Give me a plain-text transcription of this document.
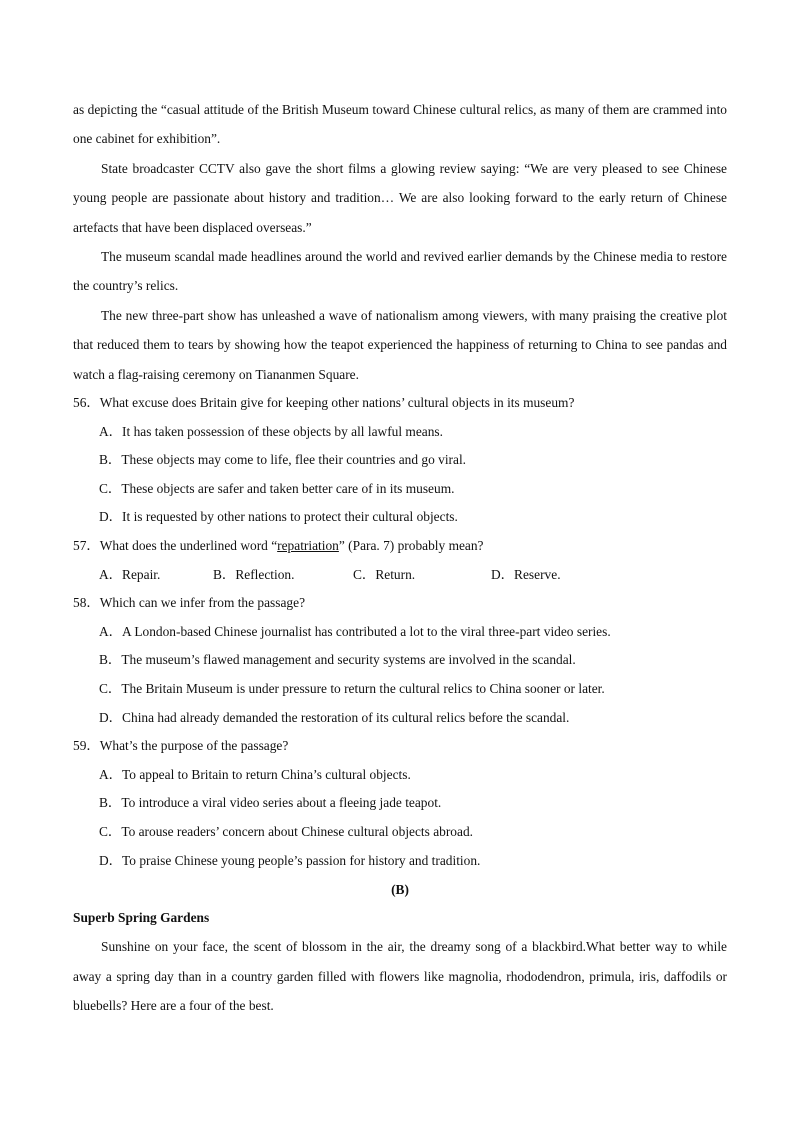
as depicting the “casual attitude of the British Museum toward Chinese cultural relics, as many of them are crammed into one cabinet for exhibition”.

State broadcaster CCTV also gave the short films a glowing review saying: “We are very pleased to see Chinese young people are passionate about history and tradition… We are also looking forward to the early return of Chinese artefacts that have been displaced overseas.”

The museum scandal made headlines around the world and revived earlier demands by the Chinese media to restore the country’s relics.

The new three-part show has unleashed a wave of nationalism among viewers, with many praising the creative plot that reduced them to tears by showing how the teapot experienced the happiness of returning to China to see pandas and watch a flag-raising ceremony on Tiananmen Square.

56．What excuse does Britain give for keeping other nations’ cultural objects in its museum?

A．It has taken possession of these objects by all lawful means.

B．These objects may come to life, flee their countries and go viral.

C．These objects are safer and taken better care of in its museum.

D．It is requested by other nations to protect their cultural objects.

57．What does the underlined word “repatriation” (Para. 7) probably mean?

A．Repair.	B．Reflection.	C．Return.	D．Reserve.

58．Which can we infer from the passage?

A．A London-based Chinese journalist has contributed a lot to the viral three-part video series.

B．The museum’s flawed management and security systems are involved in the scandal.

C．The Britain Museum is under pressure to return the cultural relics to China sooner or later.

D．China had already demanded the restoration of its cultural relics before the scandal.

59．What’s the purpose of the passage?

A．To appeal to Britain to return China’s cultural objects.

B．To introduce a viral video series about a fleeing jade teapot.

C．To arouse readers’ concern about Chinese cultural objects abroad.

D．To praise Chinese young people’s passion for history and tradition.

(B)

Superb Spring Gardens

Sunshine on your face, the scent of blossom in the air, the dreamy song of a blackbird.What better way to while away a spring day than in a country garden filled with flowers like magnolia, rhododendron, primula, iris, daffodils or bluebells? Here are a four of the best.
